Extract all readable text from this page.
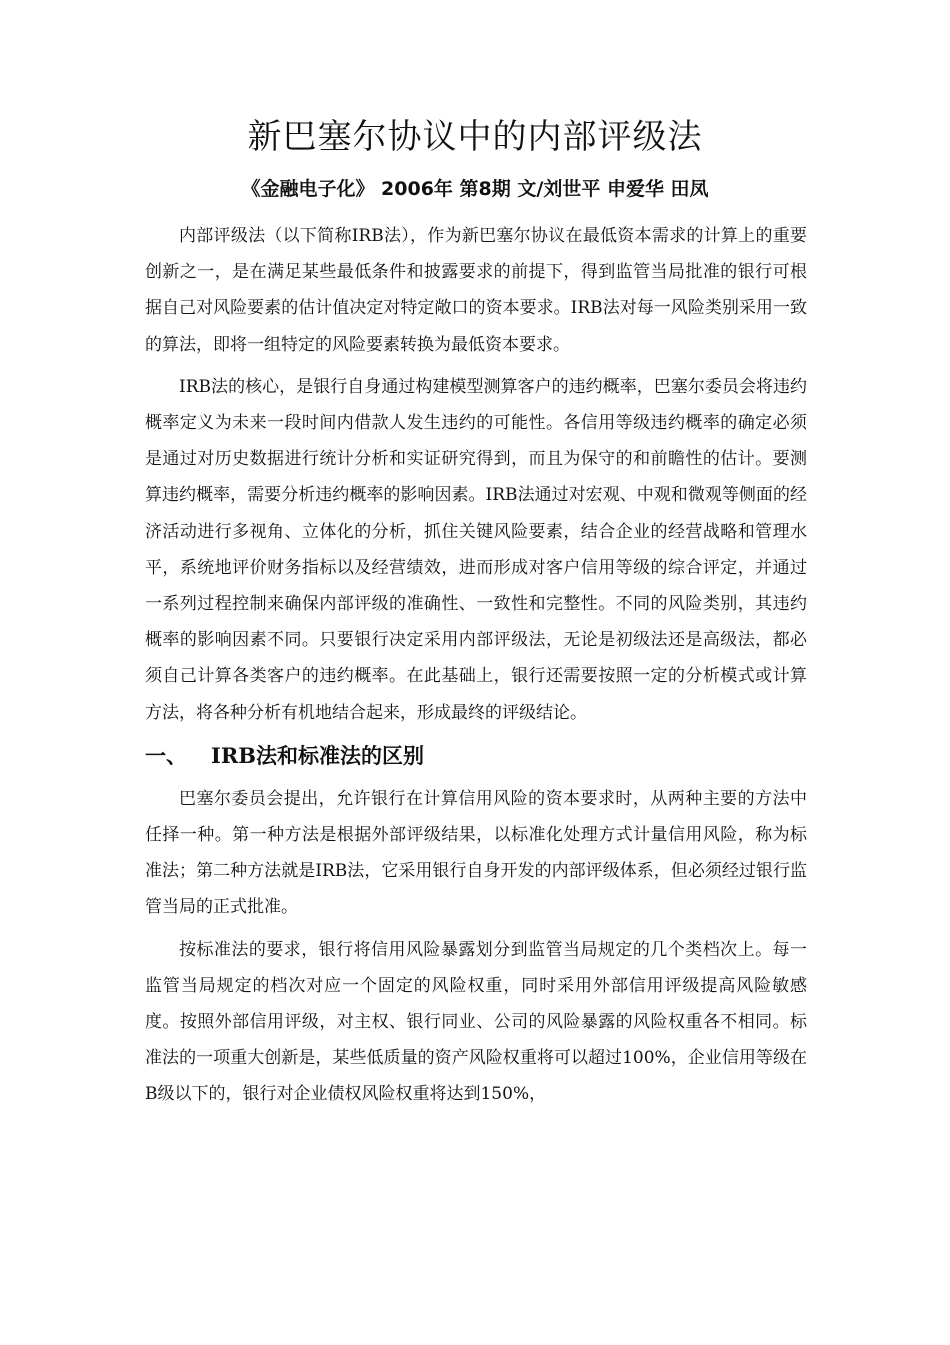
新巴塞尔协议中的内部评级法
《金融电子化》 2006年 第8期 文/刘世平 申爱华 田凤

内部评级法（以下简称IRB法），作为新巴塞尔协议在最低资本需求的计算上的重要创新之一，是在满足某些最低条件和披露要求的前提下，得到监管当局批准的银行可根据自己对风险要素的估计值决定对特定敞口的资本要求。IRB法对每一风险类别采用一致的算法，即将一组特定的风险要素转换为最低资本要求。

IRB法的核心，是银行自身通过构建模型测算客户的违约概率，巴塞尔委员会将违约概率定义为未来一段时间内借款人发生违约的可能性。各信用等级违约概率的确定必须是通过对历史数据进行统计分析和实证研究得到，而且为保守的和前瞻性的估计。要测算违约概率，需要分析违约概率的影响因素。IRB法通过对宏观、中观和微观等侧面的经济活动进行多视角、立体化的分析，抓住关键风险要素，结合企业的经营战略和管理水平，系统地评价财务指标以及经营绩效，进而形成对客户信用等级的综合评定，并通过一系列过程控制来确保内部评级的准确性、一致性和完整性。不同的风险类别，其违约概率的影响因素不同。只要银行决定采用内部评级法，无论是初级法还是高级法，都必须自己计算各类客户的违约概率。在此基础上，银行还需要按照一定的分析模式或计算方法，将各种分析有机地结合起来，形成最终的评级结论。

一、	IRB法和标准法的区别

巴塞尔委员会提出，允许银行在计算信用风险的资本要求时，从两种主要的方法中任择一种。第一种方法是根据外部评级结果，以标准化处理方式计量信用风险，称为标准法；第二种方法就是IRB法，它采用银行自身开发的内部评级体系，但必须经过银行监管当局的正式批准。

按标准法的要求，银行将信用风险暴露划分到监管当局规定的几个类档次上。每一监管当局规定的档次对应一个固定的风险权重，同时采用外部信用评级提高风险敏感度。按照外部信用评级，对主权、银行同业、公司的风险暴露的风险权重各不相同。标准法的一项重大创新是，某些低质量的资产风险权重将可以超过100%，企业信用等级在B级以下的，银行对企业债权风险权重将达到150%，
